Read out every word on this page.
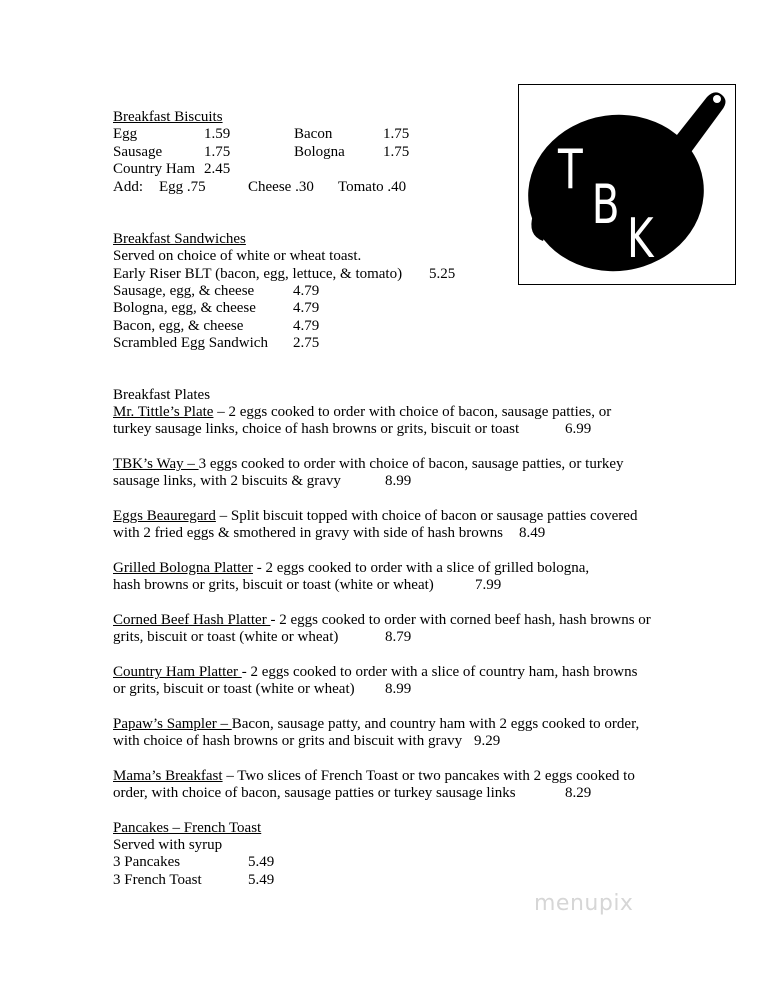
T
B
K
Breakfast Biscuits
Egg	1.59	Bacon	1.75
Sausage	1.75	Bologna	1.75
Country Ham 2.45
Add: Egg .75	Cheese .30 Tomato .40
Breakfast Sandwiches
Served on choice of white or wheat toast.
Early Riser BLT (bacon, egg, lettuce, & tomato) 5.25
Sausage, egg, & cheese	4.79
Bologna, egg, & cheese 4.79
Bacon, egg, & cheese	4.79
Scrambled Egg Sandwich 2.75
Breakfast Plates
Mr. Tittle’s Plate – 2 eggs cooked to order with choice of bacon, sausage patties, or
turkey sausage links, choice of hash browns or grits, biscuit or toast	6.99
TBK’s Way – 3 eggs cooked to order with choice of bacon, sausage patties, or turkey
sausage links, with 2 biscuits & gravy	8.99
Eggs Beauregard – Split biscuit topped with choice of bacon or sausage patties covered
with 2 fried eggs & smothered in gravy with side of hash browns 8.49
Grilled Bologna Platter - 2 eggs cooked to order with a slice of grilled bologna,
hash browns or grits, biscuit or toast (white or wheat)	7.99
Corned Beef Hash Platter - 2 eggs cooked to order with corned beef hash, hash browns or
grits, biscuit or toast (white or wheat)	8.79
Country Ham Platter - 2 eggs cooked to order with a slice of country ham, hash browns
or grits, biscuit or toast (white or wheat) 8.99
Papaw’s Sampler – Bacon, sausage patty, and country ham with 2 eggs cooked to order,
with choice of hash browns or grits and biscuit with gravy 9.29
Mama’s Breakfast – Two slices of French Toast or two pancakes with 2 eggs cooked to
order, with choice of bacon, sausage patties or turkey sausage links	8.29
Pancakes – French Toast
Served with syrup
3 Pancakes	5.49
3 French Toast	5.49
menupix
